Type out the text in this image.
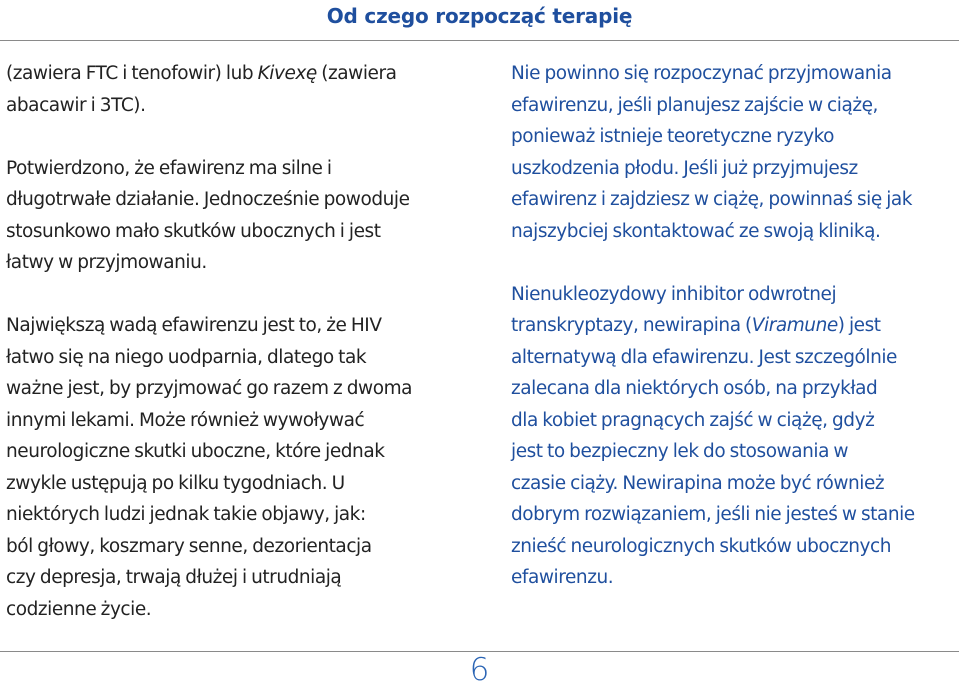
Od czego rozpocząć terapię

(zawiera FTC i tenofowir) lub Kivexę (zawiera
abacawir i 3TC).

Potwierdzono, że efawirenz ma silne i
długotrwałe działanie. Jednocześnie powoduje
stosunkowo mało skutków ubocznych i jest
łatwy w przyjmowaniu.

Największą wadą efawirenzu jest to, że HIV
łatwo się na niego uodparnia, dlatego tak
ważne jest, by przyjmować go razem z dwoma
innymi lekami. Może również wywoływać
neurologiczne skutki uboczne, które jednak
zwykle ustępują po kilku tygodniach. U
niektórych ludzi jednak takie objawy, jak:
ból głowy, koszmary senne, dezorientacja
czy depresja, trwają dłużej i utrudniają
codzienne życie.

Nie powinno się rozpoczynać przyjmowania
efawirenzu, jeśli planujesz zajście w ciążę,
ponieważ istnieje teoretyczne ryzyko
uszkodzenia płodu. Jeśli już przyjmujesz
efawirenz i zajdziesz w ciążę, powinnaś się jak
najszybciej skontaktować ze swoją kliniką.

Nienukleozydowy inhibitor odwrotnej
transkryptazy, newirapina (Viramune) jest
alternatywą dla efawirenzu. Jest szczególnie
zalecana dla niektórych osób, na przykład
dla kobiet pragnących zajść w ciążę, gdyż
jest to bezpieczny lek do stosowania w
czasie ciąży. Newirapina może być również
dobrym rozwiązaniem, jeśli nie jesteś w stanie
znieść neurologicznych skutków ubocznych
efawirenzu.

6
